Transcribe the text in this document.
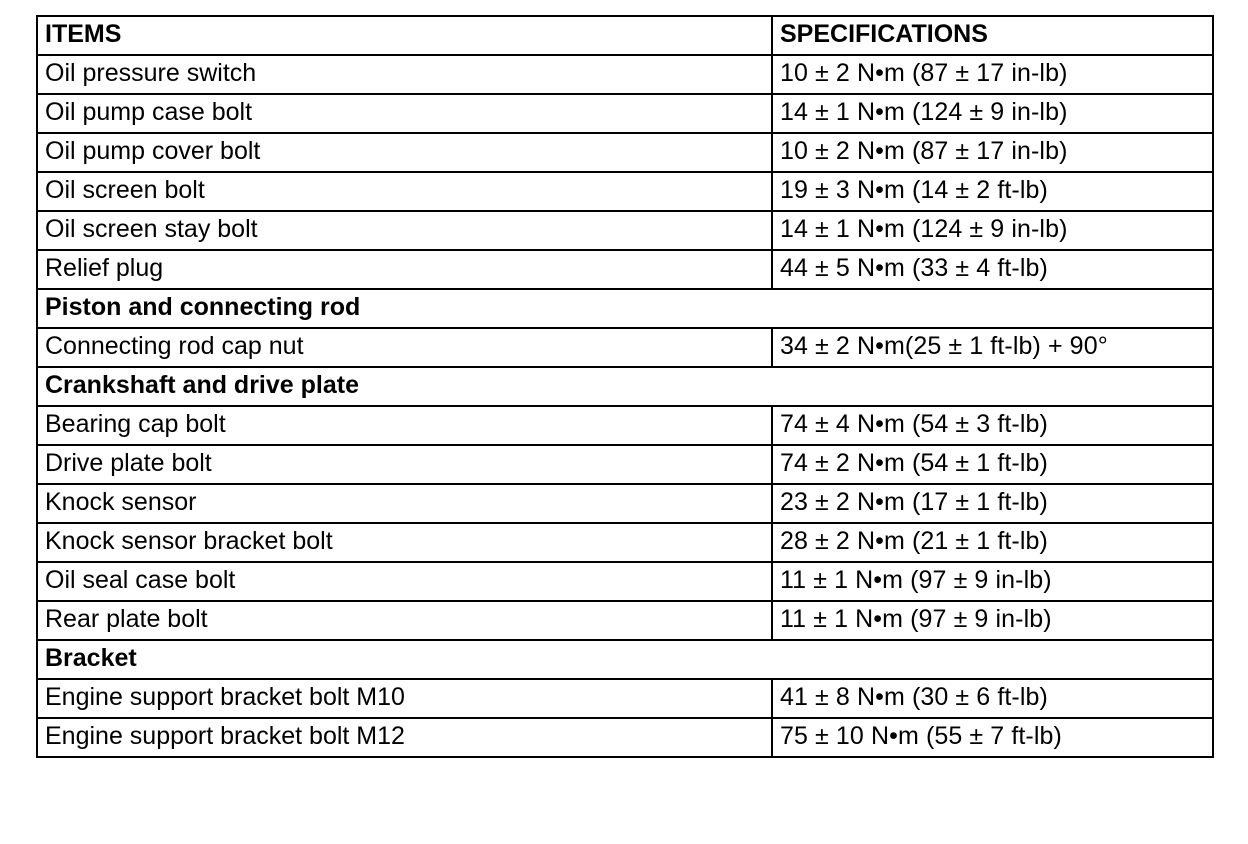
ITEMS	SPECIFICATIONS
Oil pressure switch	10 ± 2 N•m (87 ± 17 in-lb)
Oil pump case bolt	14 ± 1 N•m (124 ± 9 in-lb)
Oil pump cover bolt	10 ± 2 N•m (87 ± 17 in-lb)
Oil screen bolt	19 ± 3 N•m (14 ± 2 ft-lb)
Oil screen stay bolt	14 ± 1 N•m (124 ± 9 in-lb)
Relief plug	44 ± 5 N•m (33 ± 4 ft-lb)
Piston and connecting rod	
Connecting rod cap nut	34 ± 2 N•m(25 ± 1 ft-lb) + 90°
Crankshaft and drive plate	
Bearing cap bolt	74 ± 4 N•m (54 ± 3 ft-lb)
Drive plate bolt	74 ± 2 N•m (54 ± 1 ft-lb)
Knock sensor	23 ± 2 N•m (17 ± 1 ft-lb)
Knock sensor bracket bolt	28 ± 2 N•m (21 ± 1 ft-lb)
Oil seal case bolt	11 ± 1 N•m (97 ± 9 in-lb)
Rear plate bolt	11 ± 1 N•m (97 ± 9 in-lb)
Bracket	
Engine support bracket bolt M10	41 ± 8 N•m (30 ± 6 ft-lb)
Engine support bracket bolt M12	75 ± 10 N•m (55 ± 7 ft-lb)
